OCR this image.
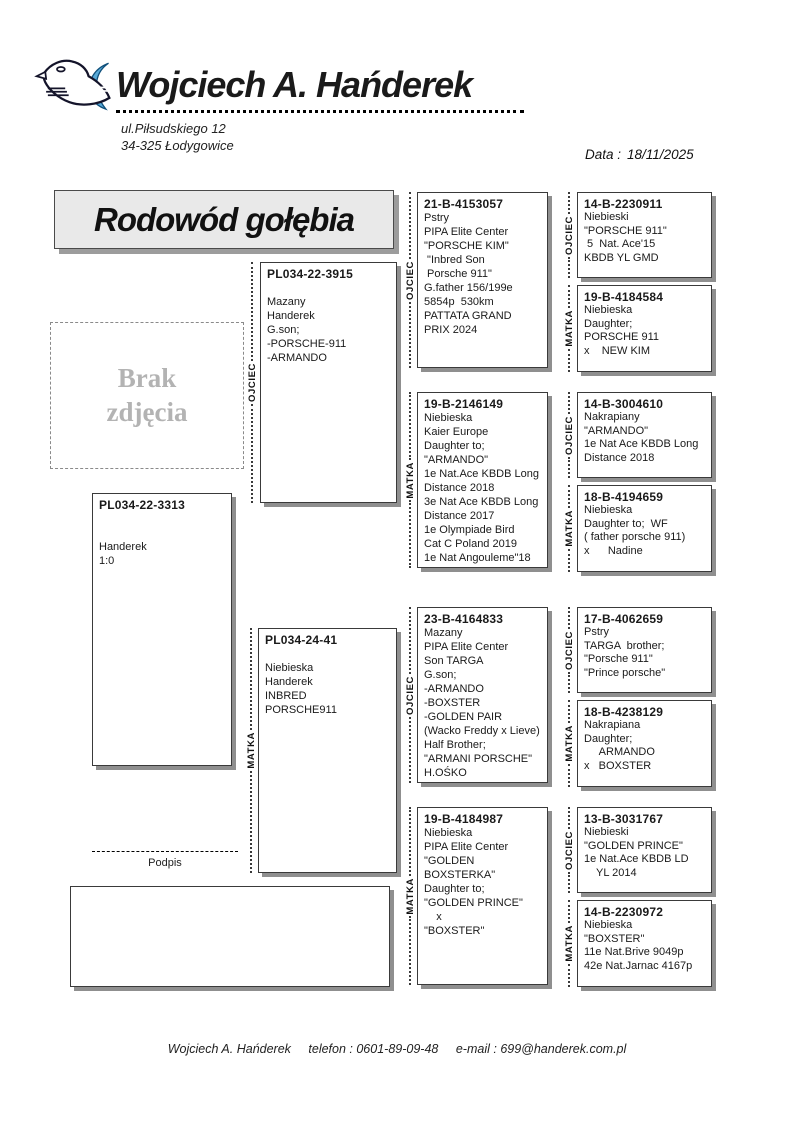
Wojciech A. Hańderek
ul.Piłsudskiego 12
34-325 Łodygowice
Data : 18/11/2025
Rodowód gołębia
Brak zdjęcia
PL034-22-3313
Handerek
1:0
PL034-22-3915
Mazany
Handerek
G.son;
-PORSCHE-911
-ARMANDO
PL034-24-41
Niebieska
Handerek
INBRED
PORSCHE911
21-B-4153057
Pstry
PIPA Elite Center
"PORSCHE KIM"
"Inbred Son
Porsche 911"
G.father 156/199e
5854p  530km
PATTATA GRAND
PRIX 2024
19-B-2146149
Niebieska
Kaier Europe
Daughter to;
"ARMANDO"
1e Nat.Ace KBDB Long
Distance 2018
3e Nat Ace KBDB Long
Distance 2017
1e Olympiade Bird
Cat C Poland 2019
1e Nat Angouleme"18
23-B-4164833
Mazany
PIPA Elite Center
Son TARGA
G.son;
-ARMANDO
-BOXSTER
-GOLDEN PAIR
(Wacko Freddy x Lieve)
Half Brother;
"ARMANI PORSCHE"
H.OŚKO
19-B-4184987
Niebieska
PIPA Elite Center
"GOLDEN
BOXSTERKA"
Daughter to;
"GOLDEN PRINCE"
x
"BOXSTER"
14-B-2230911
Niebieski
"PORSCHE 911"
5  Nat. Ace'15
KBDB YL GMD
19-B-4184584
Niebieska
Daughter;
PORSCHE 911
x    NEW KIM
14-B-3004610
Nakrapiany
"ARMANDO"
1e Nat Ace KBDB Long
Distance 2018
18-B-4194659
Niebieska
Daughter to;  WF
( father porsche 911)
x      Nadine
17-B-4062659
Pstry
TARGA  brother;
"Porsche 911"
"Prince porsche"
18-B-4238129
Nakrapiana
Daughter;
ARMANDO
x   BOXSTER
13-B-3031767
Niebieski
"GOLDEN PRINCE"
1e Nat.Ace KBDB LD
YL 2014
14-B-2230972
Niebieska
"BOXSTER"
11e Nat.Brive 9049p
42e Nat.Jarnac 4167p
OJCIEC
MATKA
OJCIEC
MATKA
OJCIEC
MATKA
OJCIEC
MATKA
OJCIEC
MATKA
OJCIEC
MATKA
OJCIEC
MATKA
Podpis
Wojciech A. Hańderek telefon : 0601-89-09-48 e-mail : 699@handerek.com.pl
